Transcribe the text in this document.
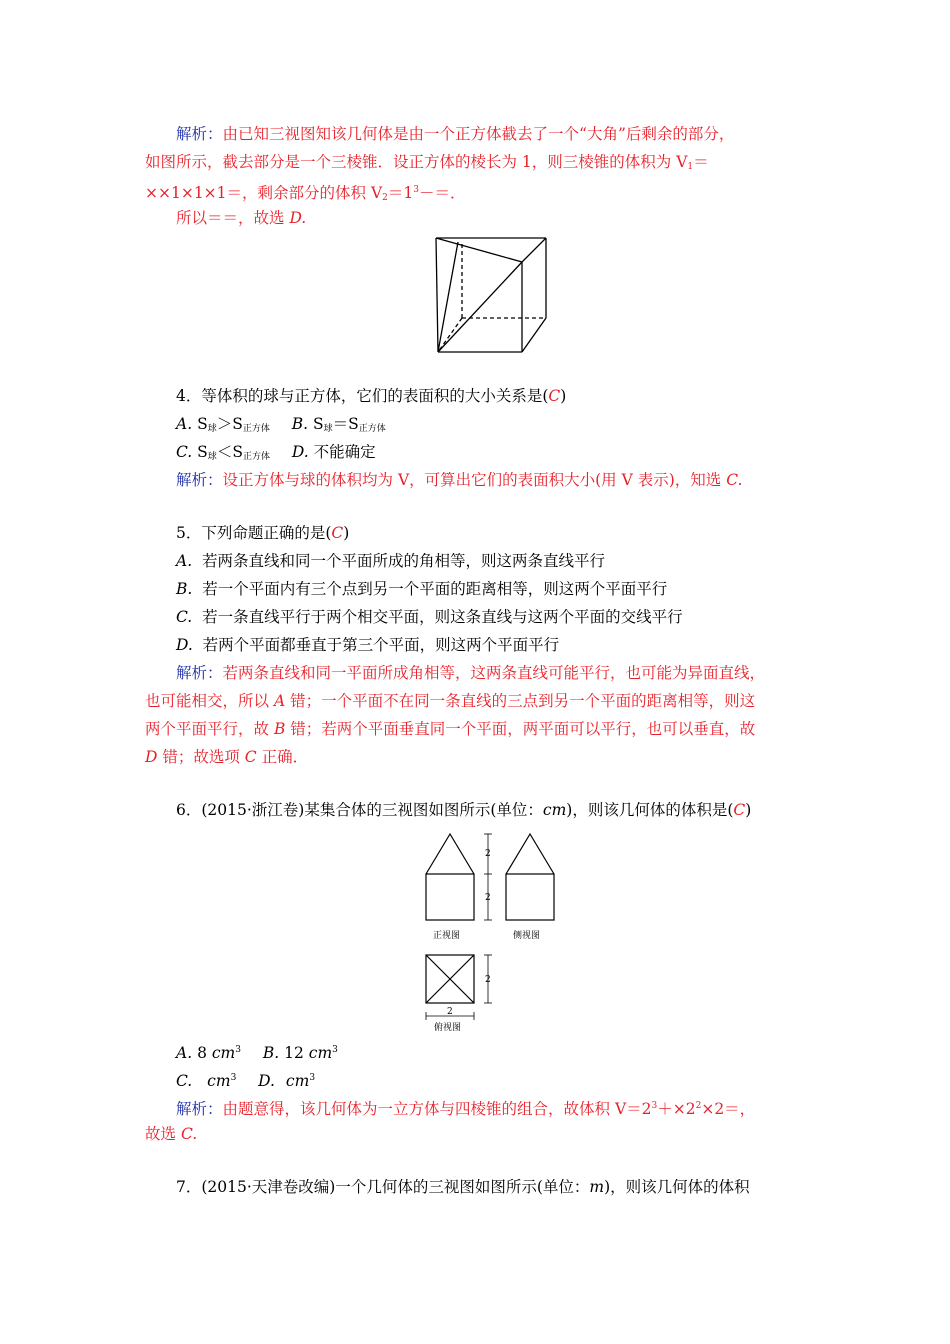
解析：由已知三视图知该几何体是由一个正方体截去了一个“大角”后剩余的部分，
如图所示，截去部分是一个三棱锥．设正方体的棱长为 1，则三棱锥的体积为 $V_1=$
××1×1×1＝，剩余部分的体积 $V_2=1^3-=$．
所以＝＝，故选 D.
4．等体积的球与正方体，它们的表面积的大小关系是(C)
A. $S_球>S_{正方体}$ B. $S_球=S_{正方体}$
C. $S_球<S_{正方体}$ D. 不能确定
解析：设正方体与球的体积均为 V，可算出它们的表面积大小(用 V 表示)，知选 C.
5．下列命题正确的是(C)
A. 若两条直线和同一个平面所成的角相等，则这两条直线平行
B. 若一个平面内有三个点到另一个平面的距离相等，则这两个平面平行
C. 若一条直线平行于两个相交平面，则这条直线与这两个平面的交线平行
D. 若两个平面都垂直于第三个平面，则这两个平面平行
解析：若两条直线和同一平面所成角相等，这两条直线可能平行，也可能为异面直线，
也可能相交，所以 A 错；一个平面不在同一条直线的三点到另一个平面的距离相等，则这
两个平面平行，故 B 错；若两个平面垂直同一个平面，两平面可以平行，也可以垂直，故
D 错；故选项 C 正确．
6．(2015·浙江卷)某集合体的三视图如图所示(单位：cm)，则该几何体的体积是(C)
2
2
2
2
正视图	侧视图
俯视图
A. 8 $cm^3$ B. 12 $cm^3$
C. $cm^3$ D. $cm^3$
解析：由题意得，该几何体为一立方体与四棱锥的组合，故体积 $V=2^3+\times 2^2\times 2=$，
故选 C.
7．(2015·天津卷改编)一个几何体的三视图如图所示(单位：m)，则该几何体的体积
